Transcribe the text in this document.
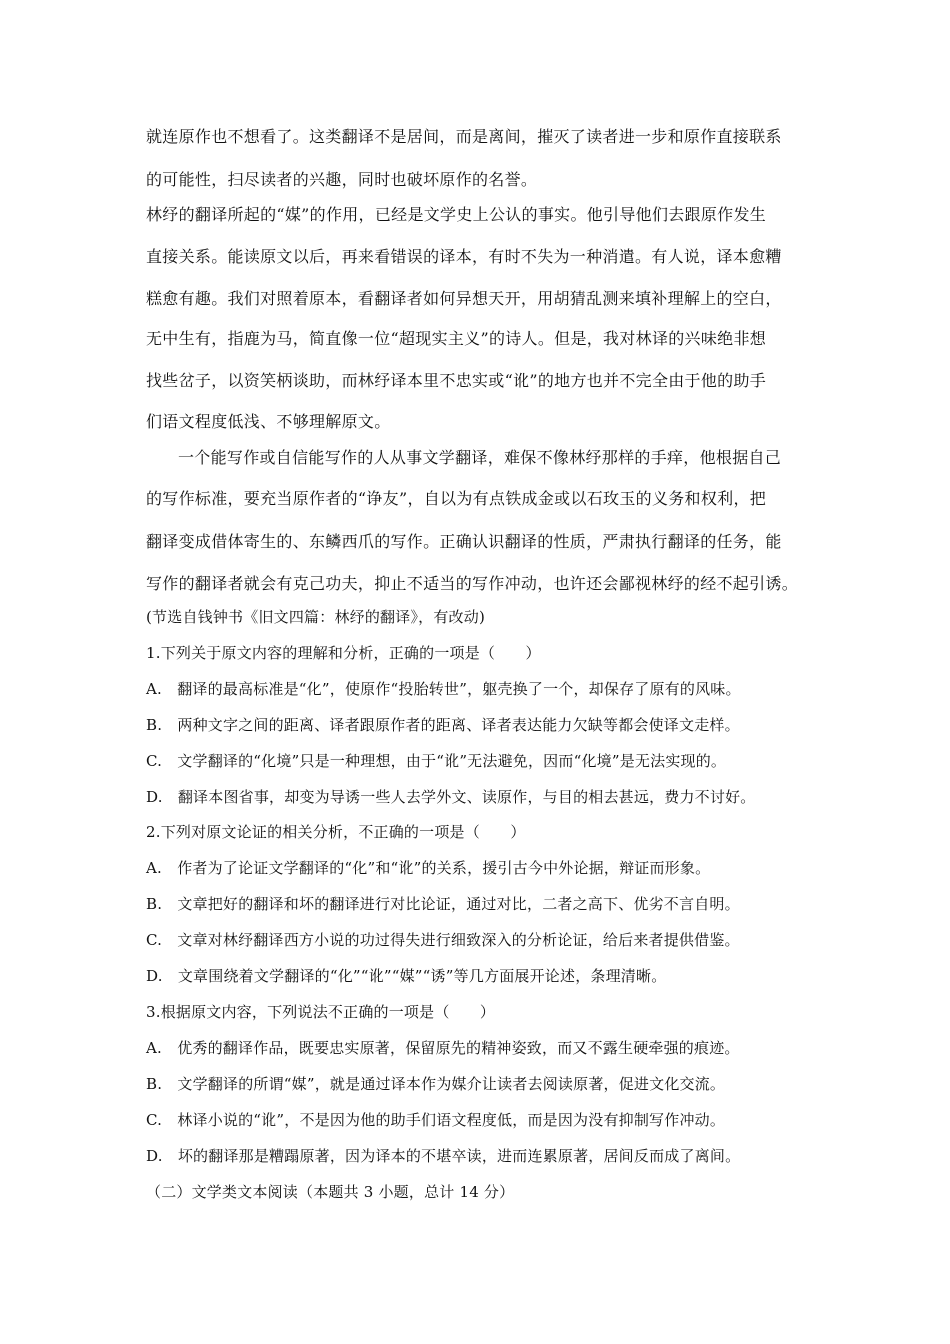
就连原作也不想看了。这类翻译不是居间，而是离间，摧灭了读者进一步和原作直接联系
的可能性，扫尽读者的兴趣，同时也破坏原作的名誉。
林纾的翻译所起的“媒”的作用，已经是文学史上公认的事实。他引导他们去跟原作发生
直接关系。能读原文以后，再来看错误的译本，有时不失为一种消遣。有人说，译本愈糟
糕愈有趣。我们对照着原本，看翻译者如何异想天开，用胡猜乱测来填补理解上的空白，
无中生有，指鹿为马，简直像一位“超现实主义”的诗人。但是，我对林译的兴味绝非想
找些岔子，以资笑柄谈助，而林纾译本里不忠实或“讹”的地方也并不完全由于他的助手
们语文程度低浅、不够理解原文。
一个能写作或自信能写作的人从事文学翻译，难保不像林纾那样的手痒，他根据自己
的写作标准，要充当原作者的“诤友”，自以为有点铁成金或以石玫玉的义务和权利，把
翻译变成借体寄生的、东鳞西爪的写作。正确认识翻译的性质，严肃执行翻译的任务，能
写作的翻译者就会有克己功夫，抑止不适当的写作冲动，也许还会鄙视林纾的经不起引诱。
(节选自钱钟书《旧文四篇：林纾的翻译》，有改动)
1.下列关于原文内容的理解和分析，正确的一项是（　　）
A.　翻译的最高标准是“化”，使原作“投胎转世”，躯壳换了一个，却保存了原有的风味。
B.　两种文字之间的距离、译者跟原作者的距离、译者表达能力欠缺等都会使译文走样。
C.　文学翻译的“化境”只是一种理想，由于“讹”无法避免，因而“化境”是无法实现的。
D.　翻译本图省事，却变为导诱一些人去学外文、读原作，与目的相去甚远，费力不讨好。
2.下列对原文论证的相关分析，不正确的一项是（　　）
A.　作者为了论证文学翻译的“化”和“讹”的关系，援引古今中外论据，辩证而形象。
B.　文章把好的翻译和坏的翻译进行对比论证，通过对比，二者之高下、优劣不言自明。
C.　文章对林纾翻译西方小说的功过得失进行细致深入的分析论证，给后来者提供借鉴。
D.　文章围绕着文学翻译的“化”“讹”“媒”“诱”等几方面展开论述，条理清晰。
3.根据原文内容，下列说法不正确的一项是（　　）
A.　优秀的翻译作品，既要忠实原著，保留原先的精神姿致，而又不露生硬牵强的痕迹。
B.　文学翻译的所谓“媒”，就是通过译本作为媒介让读者去阅读原著，促进文化交流。
C.　林译小说的“讹”，不是因为他的助手们语文程度低，而是因为没有抑制写作冲动。
D.　坏的翻译那是糟蹋原著，因为译本的不堪卒读，进而连累原著，居间反而成了离间。
（二）文学类文本阅读（本题共 3 小题，总计 14 分）
